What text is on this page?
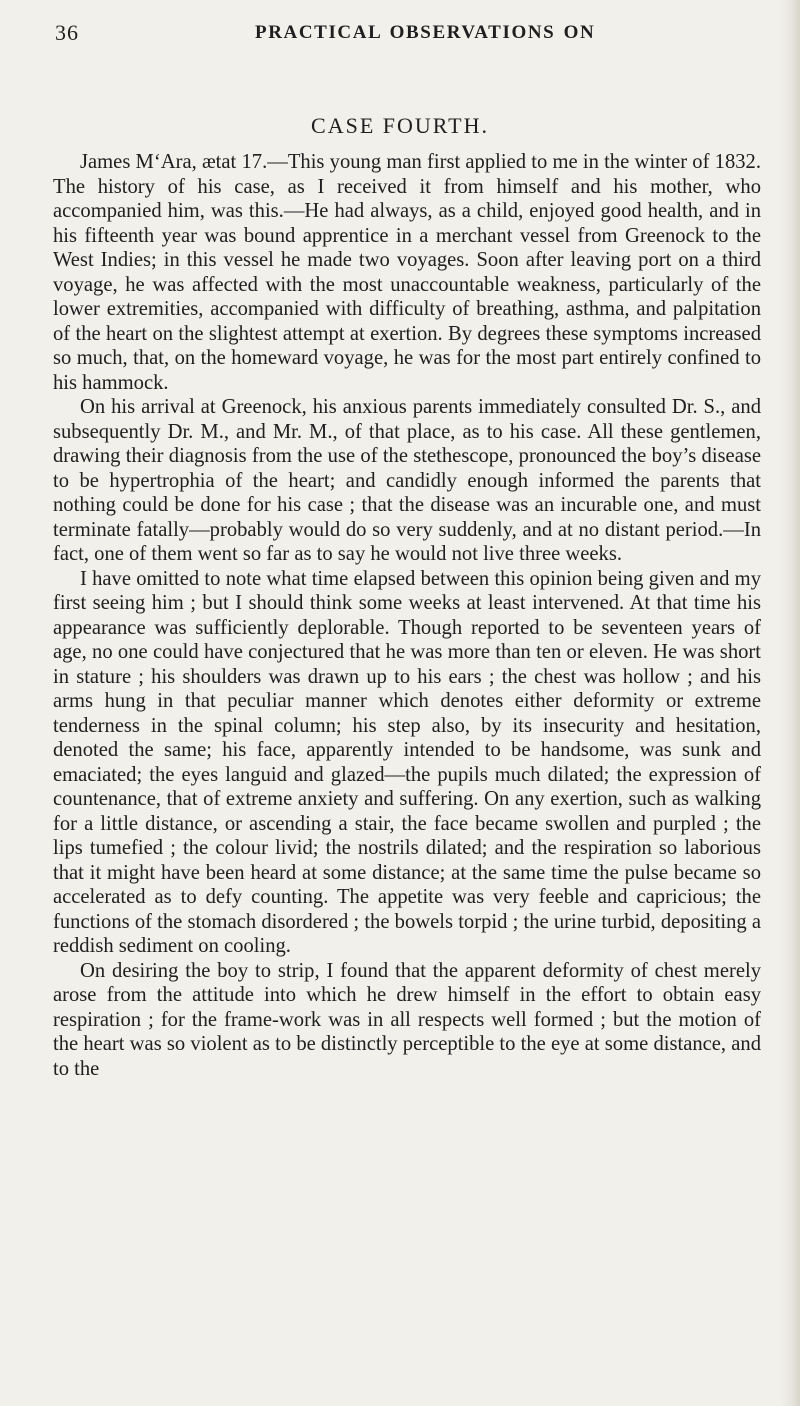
36	PRACTICAL OBSERVATIONS ON
CASE FOURTH.

James M‘Ara, ætat 17.—This young man first applied to me in the winter of 1832. The history of his case, as I received it from himself and his mother, who accompanied him, was this.—He had always, as a child, enjoyed good health, and in his fifteenth year was bound apprentice in a merchant vessel from Greenock to the West Indies; in this vessel he made two voyages. Soon after leaving port on a third voyage, he was affected with the most unaccountable weakness, particularly of the lower extremities, accompanied with difficulty of breathing, asthma, and palpitation of the heart on the slightest attempt at exertion. By degrees these symptoms increased so much, that, on the homeward voyage, he was for the most part entirely confined to his hammock.

On his arrival at Greenock, his anxious parents immediately consulted Dr. S., and subsequently Dr. M., and Mr. M., of that place, as to his case. All these gentlemen, drawing their diagnosis from the use of the stethescope, pronounced the boy’s disease to be hypertrophia of the heart; and candidly enough informed the parents that nothing could be done for his case ; that the disease was an incurable one, and must terminate fatally—probably would do so very suddenly, and at no distant period.—In fact, one of them went so far as to say he would not live three weeks.

I have omitted to note what time elapsed between this opinion being given and my first seeing him ; but I should think some weeks at least intervened. At that time his appearance was sufficiently deplorable. Though reported to be seventeen years of age, no one could have conjectured that he was more than ten or eleven. He was short in stature ; his shoulders was drawn up to his ears ; the chest was hollow ; and his arms hung in that peculiar manner which denotes either deformity or extreme tenderness in the spinal column; his step also, by its insecurity and hesitation, denoted the same; his face, apparently intended to be handsome, was sunk and emaciated; the eyes languid and glazed—the pupils much dilated; the expression of countenance, that of extreme anxiety and suffering. On any exertion, such as walking for a little distance, or ascending a stair, the face became swollen and purpled ; the lips tumefied ; the colour livid; the nostrils dilated; and the respiration so laborious that it might have been heard at some distance; at the same time the pulse became so accelerated as to defy counting. The appetite was very feeble and capricious; the functions of the stomach disordered ; the bowels torpid ; the urine turbid, depositing a reddish sediment on cooling.

On desiring the boy to strip, I found that the apparent deformity of chest merely arose from the attitude into which he drew himself in the effort to obtain easy respiration ; for the frame-work was in all respects well formed ; but the motion of the heart was so violent as to be distinctly perceptible to the eye at some distance, and to the
